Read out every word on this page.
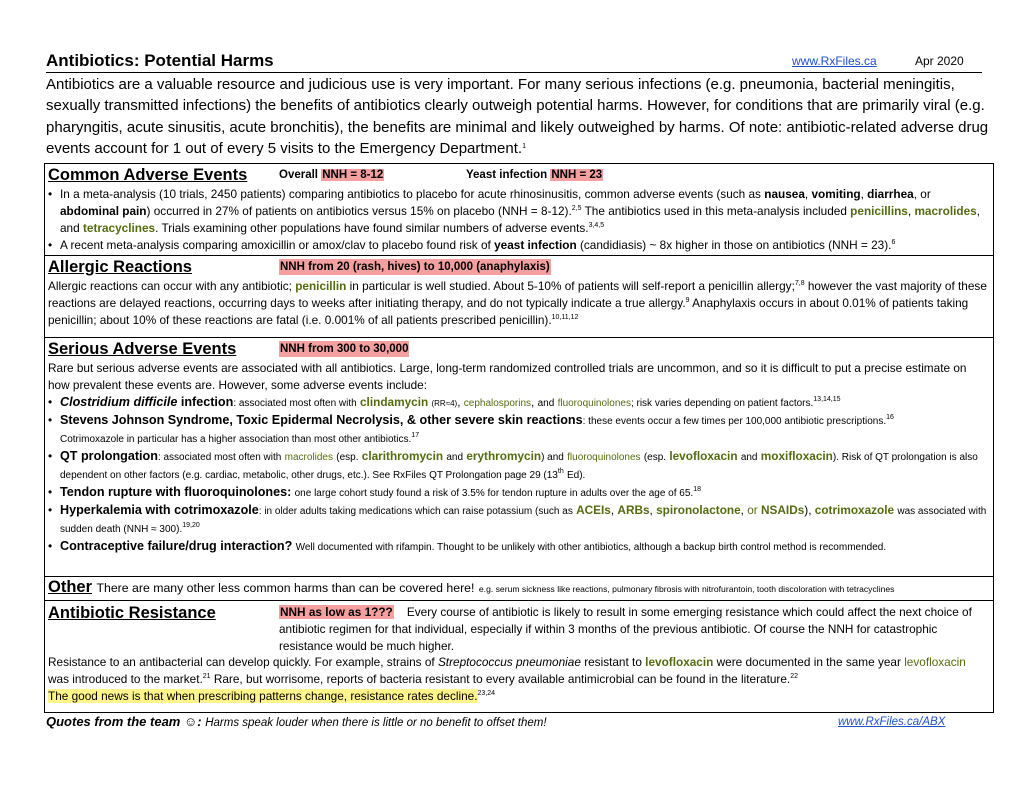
Antibiotics: Potential Harms	www.RxFiles.ca	Apr 2020
Antibiotics are a valuable resource and judicious use is very important. For many serious infections (e.g. pneumonia, bacterial meningitis, sexually transmitted infections) the benefits of antibiotics clearly outweigh potential harms. However, for conditions that are primarily viral (e.g. pharyngitis, acute sinusitis, acute bronchitis), the benefits are minimal and likely outweighed by harms. Of note: antibiotic-related adverse drug events account for 1 out of every 5 visits to the Emergency Department.$^1$
Common Adverse Events	Overall NNH = 8-12	Yeast infection NNH = 23
• In a meta-analysis (10 trials, 2450 patients) comparing antibiotics to placebo for acute rhinosinusitis, common adverse events (such as nausea, vomiting, diarrhea, or abdominal pain) occurred in 27% of patients on antibiotics versus 15% on placebo (NNH = 8-12).$^{2,5}$ The antibiotics used in this meta-analysis included penicillins, macrolides, and tetracyclines. Trials examining other populations have found similar numbers of adverse events.$^{3,4,5}$
• A recent meta-analysis comparing amoxicillin or amox/clav to placebo found risk of yeast infection (candidiasis) ~ 8x higher in those on antibiotics (NNH = 23).$^6$
Allergic Reactions	NNH from 20 (rash, hives) to 10,000 (anaphylaxis)
Allergic reactions can occur with any antibiotic; penicillin in particular is well studied. About 5-10% of patients will self-report a penicillin allergy;$^{7,8}$ however the vast majority of these reactions are delayed reactions, occurring days to weeks after initiating therapy, and do not typically indicate a true allergy.$^9$ Anaphylaxis occurs in about 0.01% of patients taking penicillin; about 10% of these reactions are fatal (i.e. 0.001% of all patients prescribed penicillin).$^{10,11,12}$
Serious Adverse Events	NNH from 300 to 30,000
Rare but serious adverse events are associated with all antibiotics. Large, long-term randomized controlled trials are uncommon, and so it is difficult to put a precise estimate on how prevalent these events are. However, some adverse events include:
• Clostridium difficile infection: associated most often with clindamycin (RR≈4), cephalosporins, and fluoroquinolones; risk varies depending on patient factors.$^{13,14,15}$
• Stevens Johnson Syndrome, Toxic Epidermal Necrolysis, & other severe skin reactions: these events occur a few times per 100,000 antibiotic prescriptions.$^{16}$
Cotrimoxazole in particular has a higher association than most other antibiotics.$^{17}$
• QT prolongation: associated most often with macrolides (esp. clarithromycin and erythromycin) and fluoroquinolones (esp. levofloxacin and moxifloxacin). Risk of QT prolongation is also dependent on other factors (e.g. cardiac, metabolic, other drugs, etc.). See RxFiles QT Prolongation page 29 (13th Ed).
• Tendon rupture with fluoroquinolones: one large cohort study found a risk of 3.5% for tendon rupture in adults over the age of 65.18
• Hyperkalemia with cotrimoxazole: in older adults taking medications which can raise potassium (such as ACEIs, ARBs, spironolactone, or NSAIDs), cotrimoxazole was associated with sudden death (NNH ≈ 300).$^{19,20}$
• Contraceptive failure/drug interaction? Well documented with rifampin. Thought to be unlikely with other antibiotics, although a backup birth control method is recommended.
Other There are many other less common harms than can be covered here! e.g. serum sickness like reactions, pulmonary fibrosis with nitrofurantoin, tooth discoloration with tetracyclines
Antibiotic Resistance	NNH as low as 1??? Every course of antibiotic is likely to result in some emerging resistance which could affect the next choice of antibiotic regimen for that individual, especially if within 3 months of the previous antibiotic. Of course the NNH for catastrophic resistance would be much higher.
Resistance to an antibacterial can develop quickly. For example, strains of Streptococcus pneumoniae resistant to levofloxacin were documented in the same year levofloxacin was introduced to the market.$^{21}$ Rare, but worrisome, reports of bacteria resistant to every available antimicrobial can be found in the literature.$^{22}$
The good news is that when prescribing patterns change, resistance rates decline.$^{23,24}$
Quotes from the team ☺: Harms speak louder when there is little or no benefit to offset them!	www.RxFiles.ca/ABX
